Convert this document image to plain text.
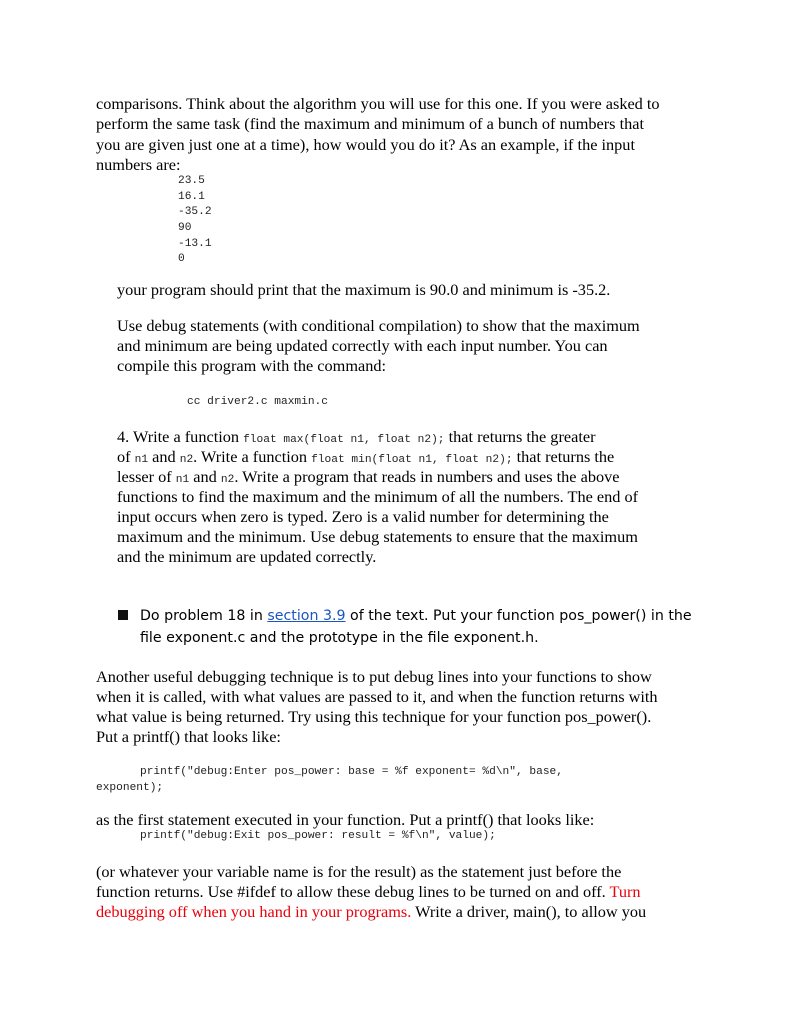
comparisons. Think about the algorithm you will use for this one. If you were asked to
perform the same task (find the maximum and minimum of a bunch of numbers that
you are given just one at a time), how would you do it? As an example, if the input
numbers are:
23.5
16.1
-35.2
90
-13.1
0
your program should print that the maximum is 90.0 and minimum is -35.2.
Use debug statements (with conditional compilation) to show that the maximum
and minimum are being updated correctly with each input number. You can
compile this program with the command:
cc driver2.c maxmin.c
4. Write a function float max(float n1, float n2); that returns the greater
of n1 and n2. Write a function float min(float n1, float n2); that returns the
lesser of n1 and n2. Write a program that reads in numbers and uses the above
functions to find the maximum and the minimum of all the numbers. The end of
input occurs when zero is typed. Zero is a valid number for determining the
maximum and the minimum. Use debug statements to ensure that the maximum
and the minimum are updated correctly.
Do problem 18 in section 3.9 of the text. Put your function pos_power() in the
file exponent.c and the prototype in the file exponent.h.
Another useful debugging technique is to put debug lines into your functions to show
when it is called, with what values are passed to it, and when the function returns with
what value is being returned. Try using this technique for your function pos_power().
Put a printf() that looks like:
printf("debug:Enter pos_power: base = %f exponent= %d\n", base,
exponent);
as the first statement executed in your function. Put a printf() that looks like:
printf("debug:Exit pos_power: result = %f\n", value);
(or whatever your variable name is for the result) as the statement just before the
function returns. Use #ifdef to allow these debug lines to be turned on and off. Turn
debugging off when you hand in your programs. Write a driver, main(), to allow you
